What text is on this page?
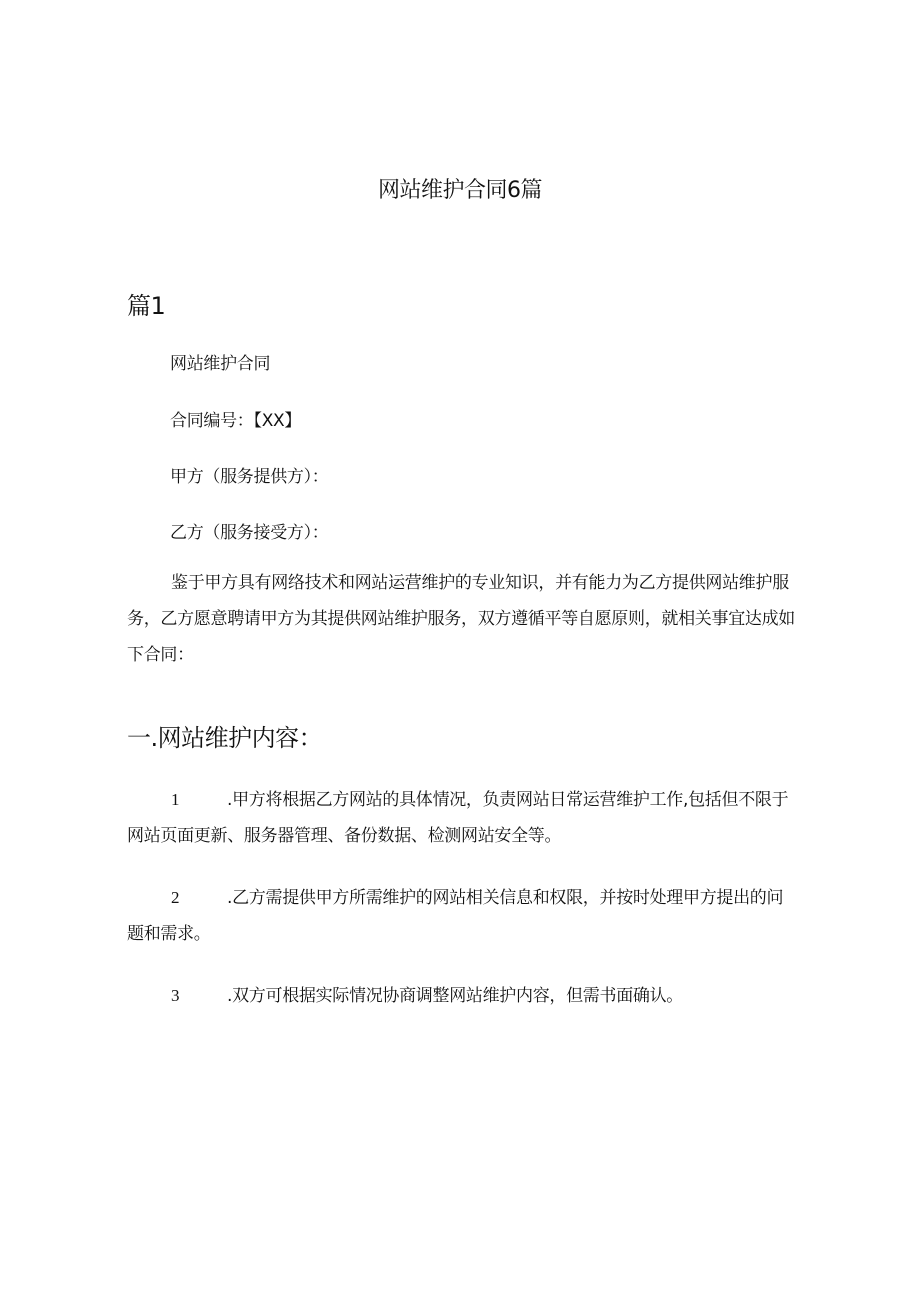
网站维护合同6篇
篇1
网站维护合同
合同编号：【XX】
甲方（服务提供方）：
乙方（服务接受方）：
鉴于甲方具有网络技术和网站运营维护的专业知识，并有能力为乙方提供网站维护服务，乙方愿意聘请甲方为其提供网站维护服务，双方遵循平等自愿原则，就相关事宜达成如下合同：
一.网站维护内容：
1	.甲方将根据乙方网站的具体情况，负责网站日常运营维护工作,包括但不限于网站页面更新、服务器管理、备份数据、检测网站安全等。
2	.乙方需提供甲方所需维护的网站相关信息和权限，并按时处理甲方提出的问题和需求。
3	.双方可根据实际情况协商调整网站维护内容，但需书面确认。
